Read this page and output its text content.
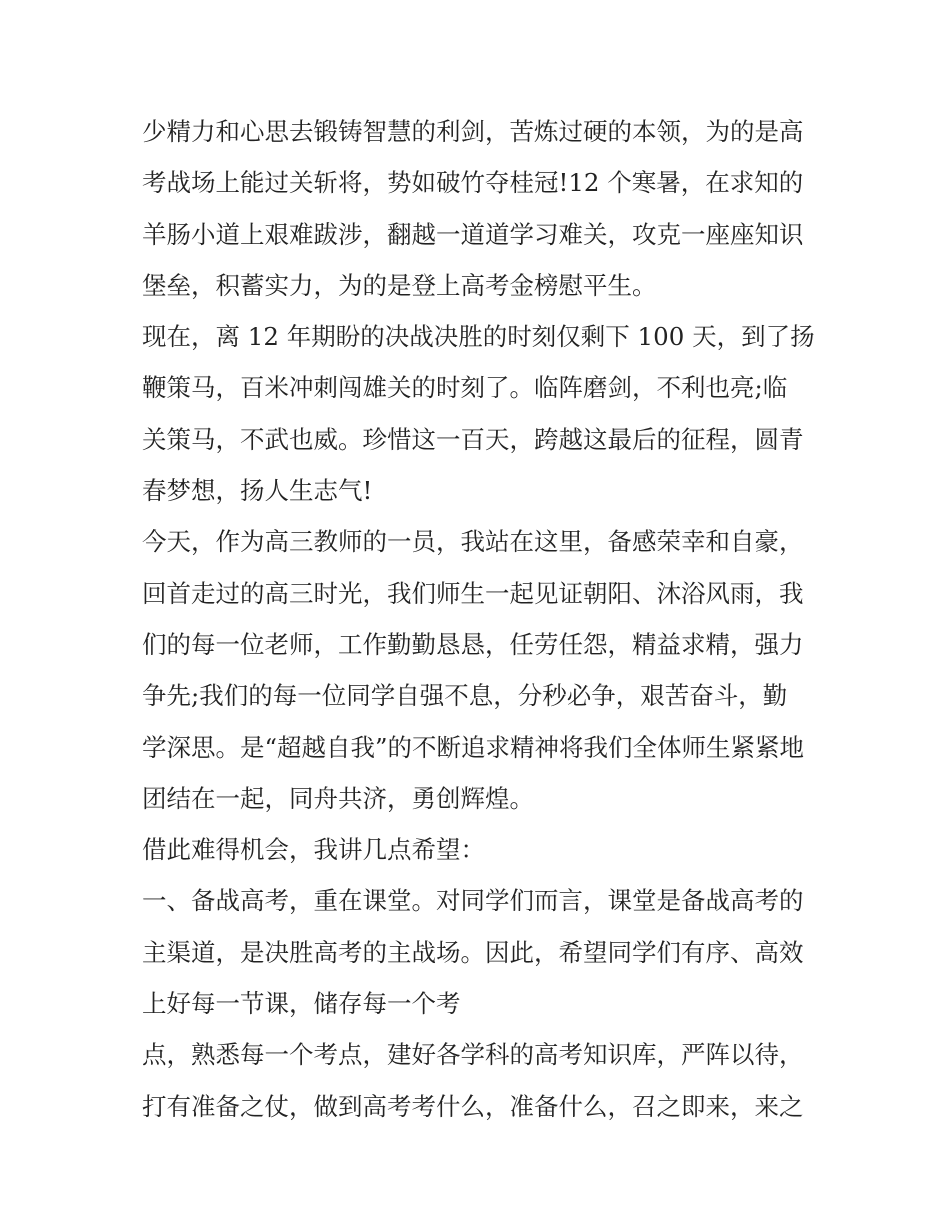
少精力和心思去锻铸智慧的利剑，苦炼过硬的本领，为的是高
考战场上能过关斩将，势如破竹夺桂冠!12 个寒暑，在求知的
羊肠小道上艰难跋涉，翻越一道道学习难关，攻克一座座知识
堡垒，积蓄实力，为的是登上高考金榜慰平生。
现在，离 12 年期盼的决战决胜的时刻仅剩下 100 天，到了扬
鞭策马，百米冲刺闯雄关的时刻了。临阵磨剑，不利也亮;临
关策马，不武也威。珍惜这一百天，跨越这最后的征程，圆青
春梦想，扬人生志气!
今天，作为高三教师的一员，我站在这里，备感荣幸和自豪，
回首走过的高三时光，我们师生一起见证朝阳、沐浴风雨，我
们的每一位老师，工作勤勤恳恳，任劳任怨，精益求精，强力
争先;我们的每一位同学自强不息，分秒必争，艰苦奋斗，勤
学深思。是“超越自我”的不断追求精神将我们全体师生紧紧地
团结在一起，同舟共济，勇创辉煌。
借此难得机会，我讲几点希望：
一、备战高考，重在课堂。对同学们而言，课堂是备战高考的
主渠道，是决胜高考的主战场。因此，希望同学们有序、高效
上好每一节课，储存每一个考
点，熟悉每一个考点，建好各学科的高考知识库，严阵以待，
打有准备之仗，做到高考考什么，准备什么，召之即来，来之
